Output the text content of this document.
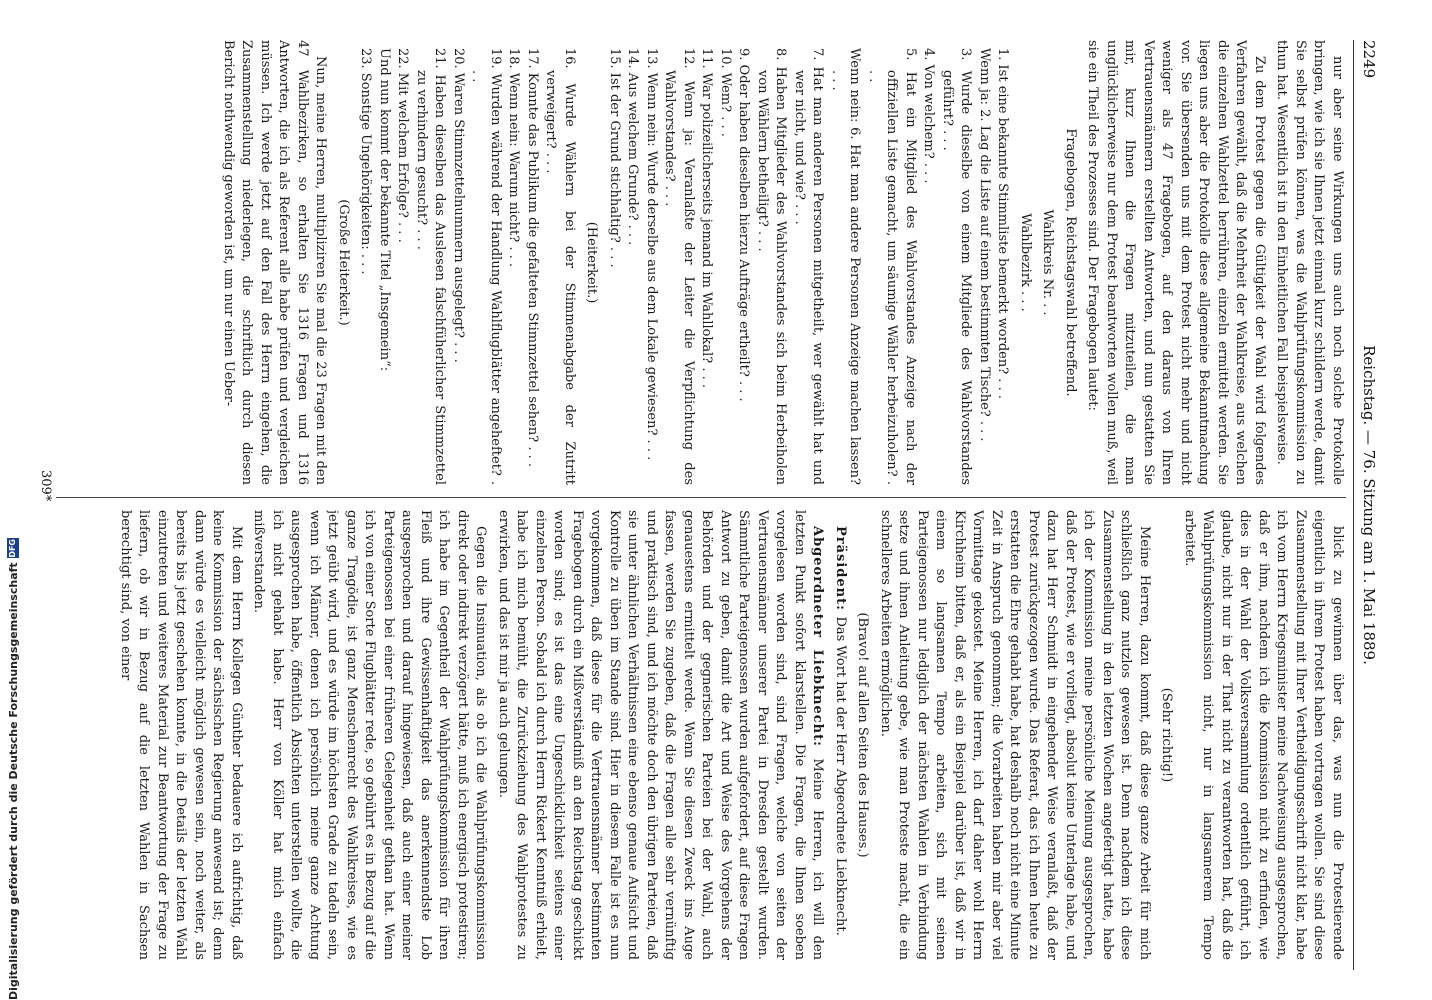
Reichstag. — 76. Sitzung am 1. Mai 1889.
2249

nur aber seine Wirkungen uns auch noch solche Protokolle bringen, wie ich sie Ihnen jetzt einmal kurz schildern werde, damit Sie selbst prüfen können, was die Wahlprüfungskommission zu thun hat. Wesentlich ist in den Einheitlichen Fall beispielsweise.

Zu dem Protest gegen die Gültigkeit der Wahl wird folgendes Verfahren gewählt, daß die Mehrheit der Wahlkreise, aus welchen die einzelnen Wahlzettel herrühren, einzeln ermittelt werden. Sie liegen uns aber die Protokolle diese allgemeine Bekanntmachung vor. Sie übersenden uns mit dem Protest nicht mehr und nicht weniger als 47 Fragebogen, auf den daraus von Ihren Vertrauensmännern erstellten Antworten, und nun gestatten Sie mir, kurz Ihnen die Fragen mitzuteilen, die man unglücklicherweise nur dem Protest beantworten wollen muß, weil sie ein Theil des Prozesses sind. Der Fragebogen lautet:

Fragebogen, Reichstagswahl betreffend.

Wahlkreis Nr. . .

Wahlbezirk . . .

1. Ist eine bekannte Stimmliste bemerkt worden? . . .

Wenn ja: 2. Lag die Liste auf einem bestimmten Tische? . . .

3. Wurde dieselbe von einem Mitgliede des Wahlvorstandes geführt? . . .

4. Von welchem? . . .

5. Hat ein Mitglied des Wahlvorstandes Anzeige nach der offiziellen Liste gemacht, um säumige Wähler herbeizuholen? . . .

Wenn nein: 6. Hat man andere Personen Anzeige machen lassen? . . .

7. Hat man anderen Personen mitgetheilt, wer gewählt hat und wer nicht, und wie? . . .

8. Haben Mitglieder des Wahlvorstandes sich beim Herbeiholen von Wählern betheiligt? . . .

9. Oder haben dieselben hierzu Aufträge ertheilt? . . .

10. Wem? . . .

11. War polizeilicherseits jemand im Wahllokal? . . .

12. Wenn ja: Veranlaßte der Leiter die Verpflichtung des Wahlvorstandes? . . .

13. Wenn nein: Wurde derselbe aus dem Lokale gewiesen? . . .

14. Aus welchem Grunde? . . .

15. Ist der Grund stichhaltig? . . .

(Heiterkeit.)

16. Wurde Wählern bei der Stimmenabgabe der Zutritt verweigert? . . .

17. Konnte das Publikum die gefalteten Stimmzettel sehen? . . .

18. Wenn nein: Warum nicht? . . .

19. Wurden während der Handlung Wahlflugblätter angeheftet? . . .

20. Waren Stimmzettelnummern ausgelegt? . . .

21. Haben dieselben das Auslesen falschfüherlicher Stimmzettel zu verhindern gesucht? . . .

22. Mit welchem Erfolge? . . .

Und nun kommt der bekannte Titel „Insgemein“:

23. Sonstige Ungehörigkeiten: . . .

(Große Heiterkeit.)

Nun, meine Herren, multipliziren Sie mal die 23 Fragen mit den 47 Wahlbezirken, so erhalten Sie 1316 Fragen und 1316 Antworten, die ich als Referent alle habe prüfen und vergleichen müssen. Ich werde jetzt auf den Fall des Herrn eingehen, die Zusammenstellung niederlegen, die schriftlich durch diesen Bericht nothwendig geworden ist, um nur einen Ueber-

blick zu gewinnen über das, was nun die Protestierende eigentlich in ihrem Protest haben vortragen wollen. Sie sind diese Zusammenstellung mit Ihrer Vertheidigungsschrift nicht klar, habe ich vom Herrn Kriegsminister meine Nachweisung ausgesprochen, daß er ihm, nachdem ich die Kommission nicht zu erfinden, wie dies in der Wahl der Volksversammlung ordentlich geführt, ich glaube, nicht nur in der That nicht zu verantworten hat, daß die Wahlprüfungskommission nicht, nur in langsamerem Tempo arbeitet.

(Sehr richtig!)

Meine Herren, dazu kommt, daß diese ganze Arbeit für mich schließlich ganz nutzlos gewesen ist. Denn nachdem ich diese Zusammenstellung in den letzten Wochen angefertigt hatte, habe ich der Kommission meine persönliche Meinung ausgesprochen, daß der Protest, wie er vorliegt, absolut keine Unterlage habe, und dazu hat Herr Schmidt in eingehender Weise veranlaßt, daß der Protest zurückgezogen wurde. Das Referat, das ich Ihnen heute zu erstatten die Ehre gehabt habe, hat deshalb noch nicht eine Minute Zeit in Anspruch genommen; die Vorarbeiten haben mir aber viel Vormittage gekostet. Meine Herren, ich darf daher wohl Herrn Kirchheim bitten, daß er, als ein Beispiel darüber ist, daß wir in einem so langsamen Tempo arbeiten, sich mit seinen Parteigenossen nur lediglich der nächsten Wahlen in Verbindung setze und ihnen Anleitung gebe, wie man Proteste macht, die ein schnelleres Arbeiten ermöglichen.

(Bravo! auf allen Seiten des Hauses.)

Präsident: Das Wort hat der Herr Abgeordnete Liebknecht.

Abgeordneter Liebknecht: Meine Herren, ich will den letzten Punkt sofort klarstellen. Die Fragen, die Ihnen soeben vorgelesen worden sind, sind Fragen, welche von seiten der Vertrauensmänner unserer Partei in Dresden gestellt wurden. Sämmtliche Parteigenossen wurden aufgefordert, auf diese Fragen Antwort zu geben, damit die Art und Weise des Vorgehens der Behörden und der gegnerischen Parteien bei der Wahl, auch genauestens ermittelt werde. Wenn Sie diesen Zweck ins Auge fassen, werden Sie zugeben, daß die Fragen alle sehr vernünftig und praktisch sind, und ich möchte doch den übrigen Parteien, daß sie unter ähnlichen Verhältnissen eine ebenso genaue Aufsicht und Kontrolle zu üben im Stande sind. Hier in diesem Falle ist es nun vorgekommen, daß diese für die Vertrauensmänner bestimmten Fragebogen durch ein Mißverständniß an den Reichstag geschickt worden sind; es ist das eine Ungeschicklichkeit seitens einer einzelnen Person. Sobald ich durch Herrn Rickert Kenntniß erhielt, habe ich mich bemüht, die Zurückziehung des Wahlprotestes zu erwirken, und das ist mir ja auch gelungen.

Gegen die Insinuation, als ob ich die Wahlprüfungskommission direkt oder indirekt verzögert hätte, muß ich energisch protestiren; ich habe im Gegentheil der Wahlprüfungskommission für ihren Fleiß und ihre Gewissenhaftigkeit das anerkennendste Lob ausgesprochen und darauf hingewiesen, daß auch einer meiner Parteigenossen bei einer früheren Gelegenheit gethan hat. Wenn ich von einer Sorte Flugblätter rede, so gebührt es in Bezug auf die ganze Tragödie, ist ganz Menschenrecht des Wahlkreises, wie es jetzt geübt wird, und es würde im höchsten Grade zu tadeln sein, wenn ich Männer, denen ich persönlich meine ganze Achtung ausgesprochen habe, öffentlich Absichten unterstellen wollte, die ich nicht gehabt habe. Herr von Köller hat mich einfach mißverstanden.

Mit dem Herrn Kollegen Günther bedauere ich aufrichtig, daß keine Kommission der sächsischen Regierung anwesend ist; denn dann würde es vielleicht möglich gewesen sein, noch weiter, als bereits bis jetzt geschehen konnte, in die Details der letzten Wahl einzutreten und weiteres Material zur Beantwortung der Frage zu liefern, ob wir in Bezug auf die letzten Wahlen in Sachsen berechtigt sind, von einer

309*
Digitalisierung gefördert durch die Deutsche Forschungsgemeinschaft
DFG
